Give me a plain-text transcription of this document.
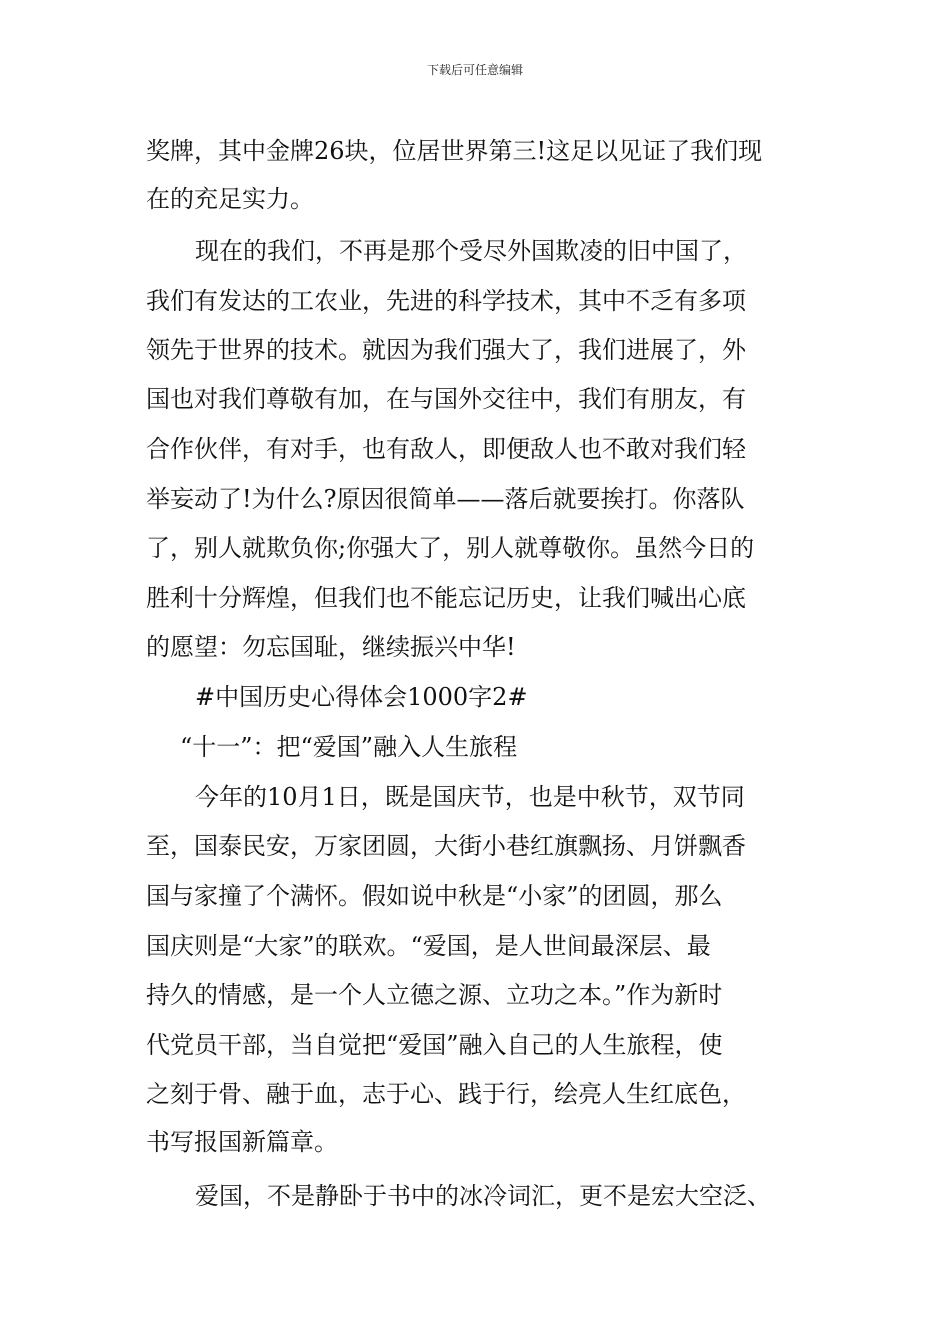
下载后可任意编辑
奖牌，其中金牌26块，位居世界第三!这足以见证了我们现
在的充足实力。
现在的我们，不再是那个受尽外国欺凌的旧中国了，
我们有发达的工农业，先进的科学技术，其中不乏有多项
领先于世界的技术。就因为我们强大了，我们进展了，外
国也对我们尊敬有加，在与国外交往中，我们有朋友，有
合作伙伴，有对手，也有敌人，即便敌人也不敢对我们轻
举妄动了!为什么?原因很简单——落后就要挨打。你落队
了，别人就欺负你;你强大了，别人就尊敬你。虽然今日的
胜利十分辉煌，但我们也不能忘记历史，让我们喊出心底
的愿望：勿忘国耻，继续振兴中华!
#中国历史心得体会1000字2#
“十一”：把“爱国”融入人生旅程
今年的10月1日，既是国庆节，也是中秋节，双节同
至，国泰民安，万家团圆，大街小巷红旗飘扬、月饼飘香
国与家撞了个满怀。假如说中秋是“小家”的团圆，那么
国庆则是“大家”的联欢。“爱国，是人世间最深层、最
持久的情感，是一个人立德之源、立功之本。”作为新时
代党员干部，当自觉把“爱国”融入自己的人生旅程，使
之刻于骨、融于血，志于心、践于行，绘亮人生红底色，
书写报国新篇章。
爱国，不是静卧于书中的冰冷词汇，更不是宏大空泛、
